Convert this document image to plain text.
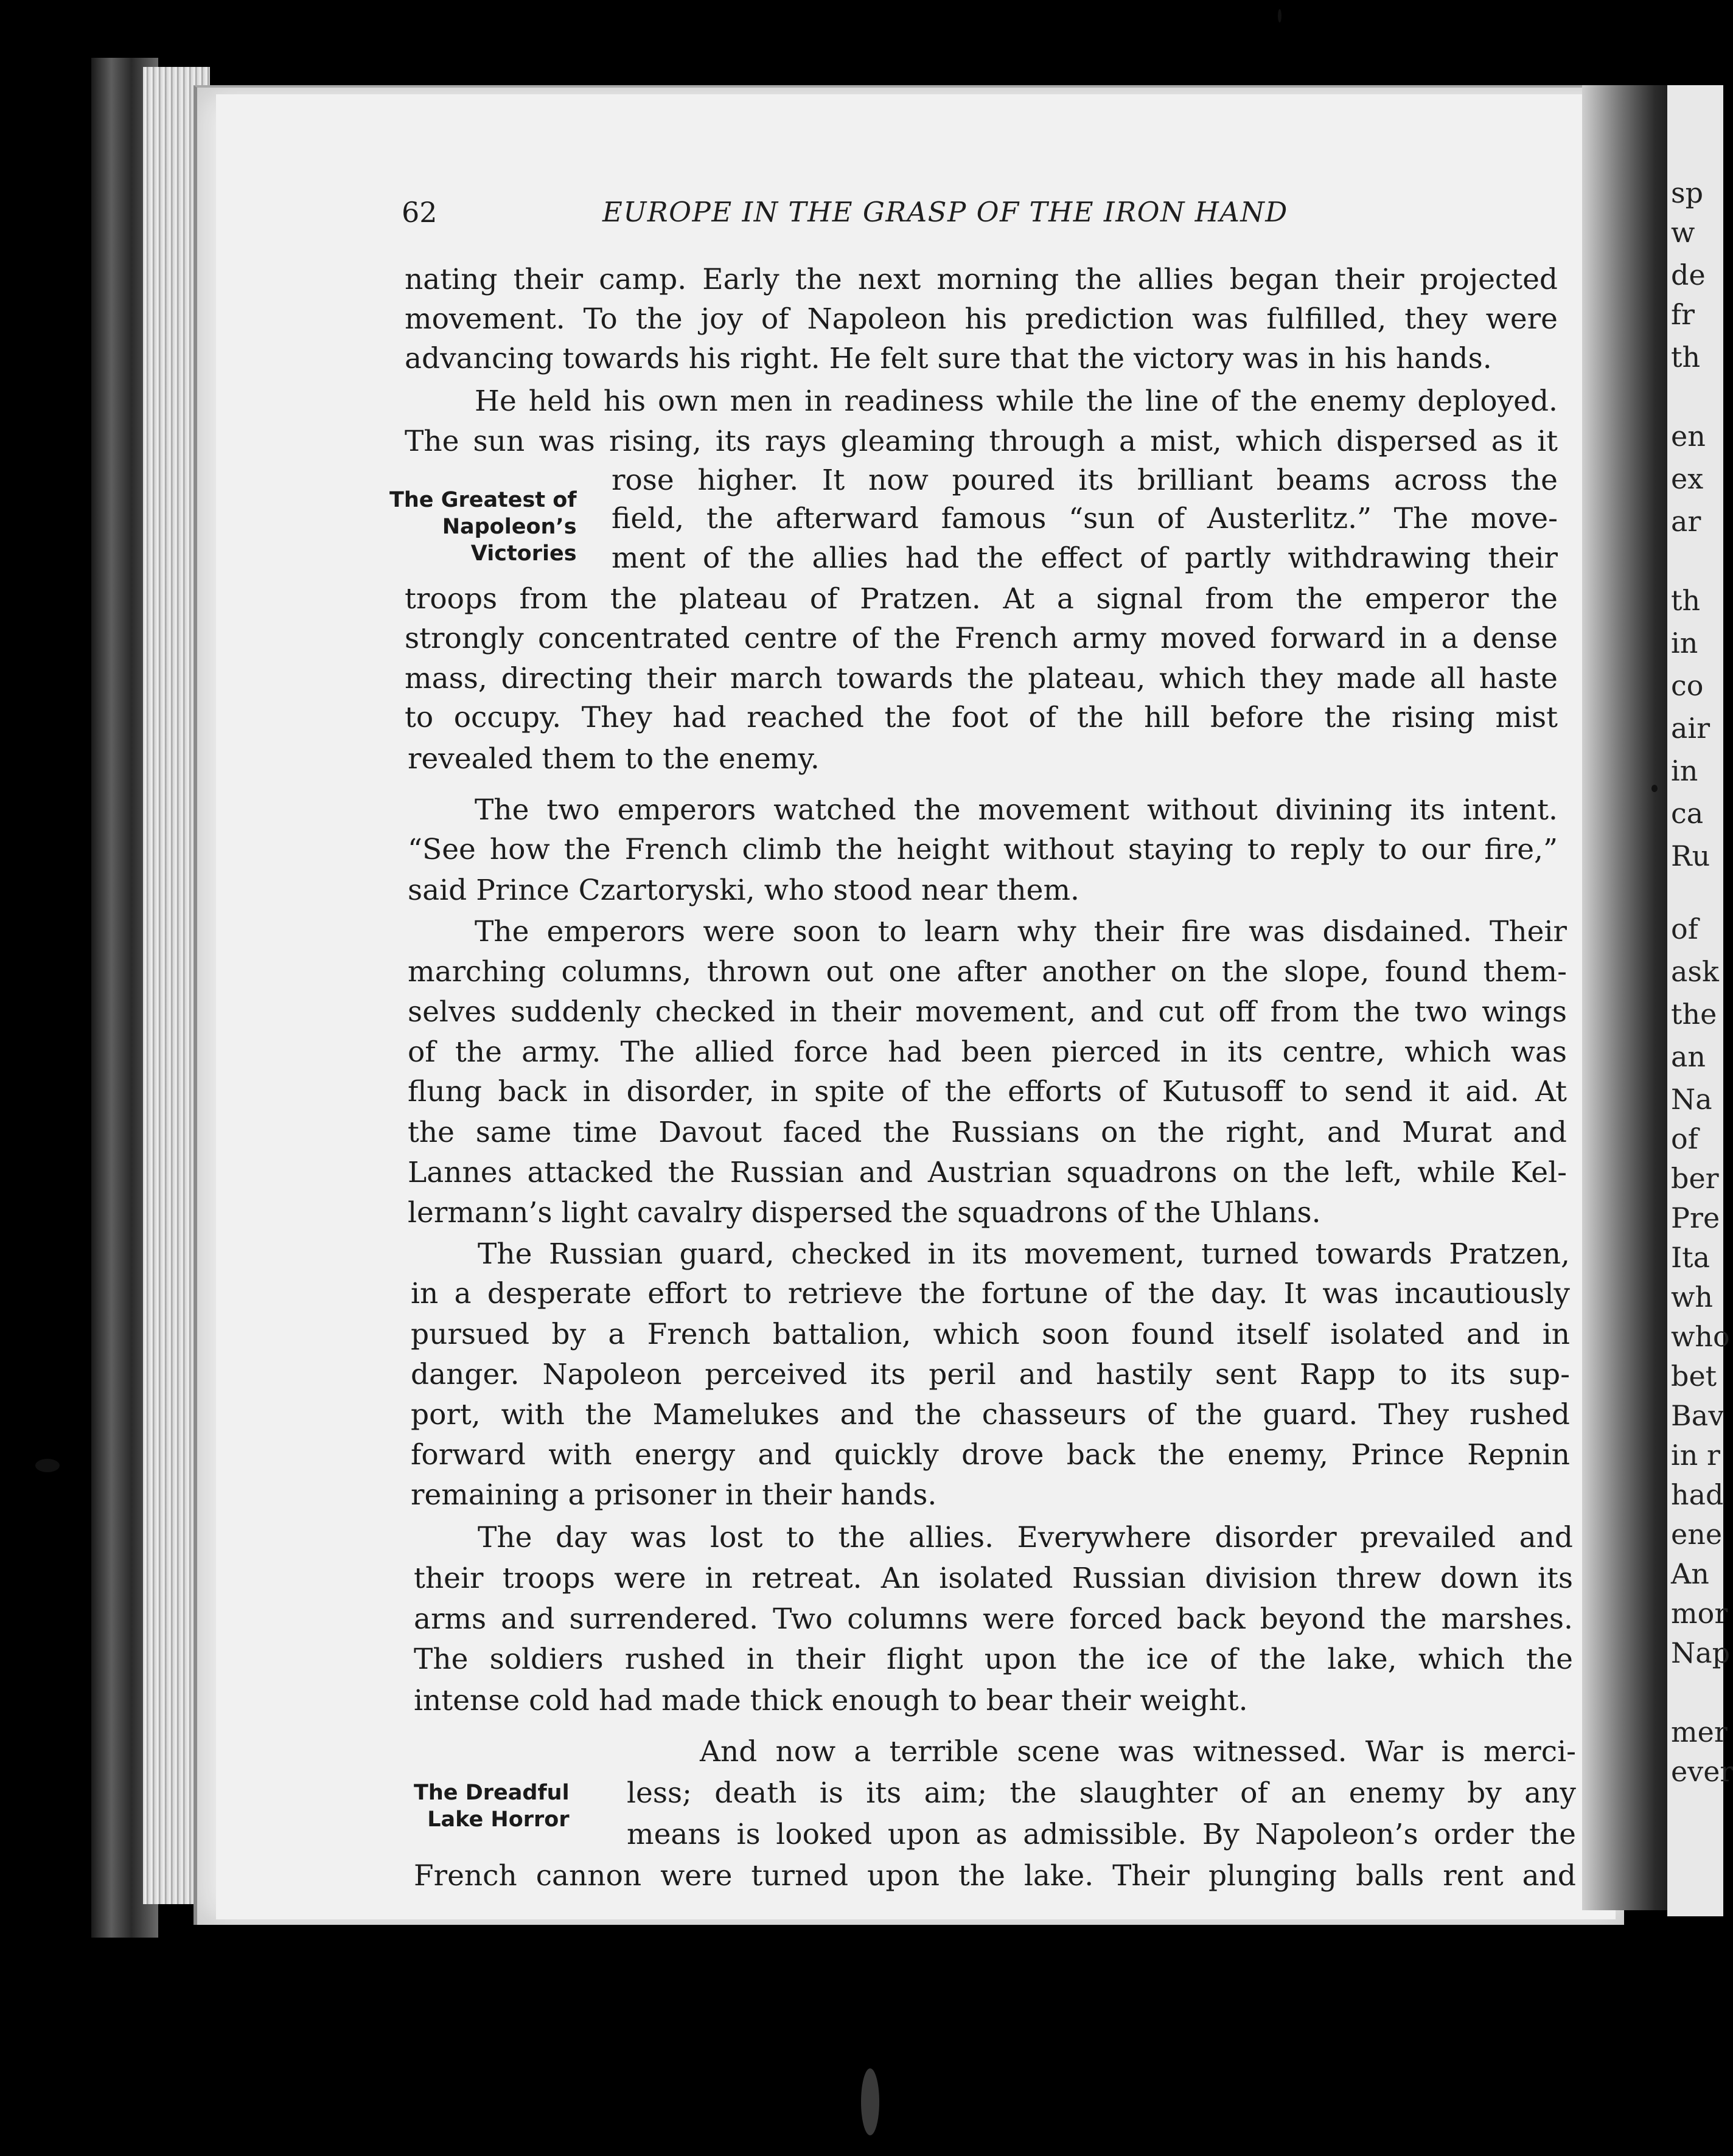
sp
w
de
fr
th
en
ex
ar
th
in
co
air
in
ca
Ru
of
ask
the
an
Na
of
ber
Pre
Ita
wh
who
bet
Bav
in r
had
ene
An
mor
Nap
mer
ever
62	EUROPE IN THE GRASP OF THE IRON HAND
nating their camp. Early the next morning the allies began their projected
movement. To the joy of Napoleon his prediction was fulfilled, they were
advancing towards his right. He felt sure that the victory was in his hands.
He held his own men in readiness while the line of the enemy deployed.
The sun was rising, its rays gleaming through a mist, which dispersed as it
rose higher. It now poured its brilliant beams across the
field, the afterward famous “sun of Austerlitz.” The move-
ment of the allies had the effect of partly withdrawing their
troops from the plateau of Pratzen. At a signal from the emperor the
strongly concentrated centre of the French army moved forward in a dense
mass, directing their march towards the plateau, which they made all haste
to occupy. They had reached the foot of the hill before the rising mist
revealed them to the enemy.
The two emperors watched the movement without divining its intent.
“See how the French climb the height without staying to reply to our fire,”
said Prince Czartoryski, who stood near them.
The emperors were soon to learn why their fire was disdained. Their
marching columns, thrown out one after another on the slope, found them-
selves suddenly checked in their movement, and cut off from the two wings
of the army. The allied force had been pierced in its centre, which was
flung back in disorder, in spite of the efforts of Kutusoff to send it aid. At
the same time Davout faced the Russians on the right, and Murat and
Lannes attacked the Russian and Austrian squadrons on the left, while Kel-
lermann’s light cavalry dispersed the squadrons of the Uhlans.
The Russian guard, checked in its movement, turned towards Pratzen,
in a desperate effort to retrieve the fortune of the day. It was incautiously
pursued by a French battalion, which soon found itself isolated and in
danger. Napoleon perceived its peril and hastily sent Rapp to its sup-
port, with the Mamelukes and the chasseurs of the guard. They rushed
forward with energy and quickly drove back the enemy, Prince Repnin
remaining a prisoner in their hands.
The day was lost to the allies. Everywhere disorder prevailed and
their troops were in retreat. An isolated Russian division threw down its
arms and surrendered. Two columns were forced back beyond the marshes.
The soldiers rushed in their flight upon the ice of the lake, which the
intense cold had made thick enough to bear their weight.
And now a terrible scene was witnessed. War is merci-
less; death is its aim; the slaughter of an enemy by any
means is looked upon as admissible. By Napoleon’s order the
French cannon were turned upon the lake. Their plunging balls rent and
The Greatest of
Napoleon’s
Victories
The Dreadful
Lake Horror
